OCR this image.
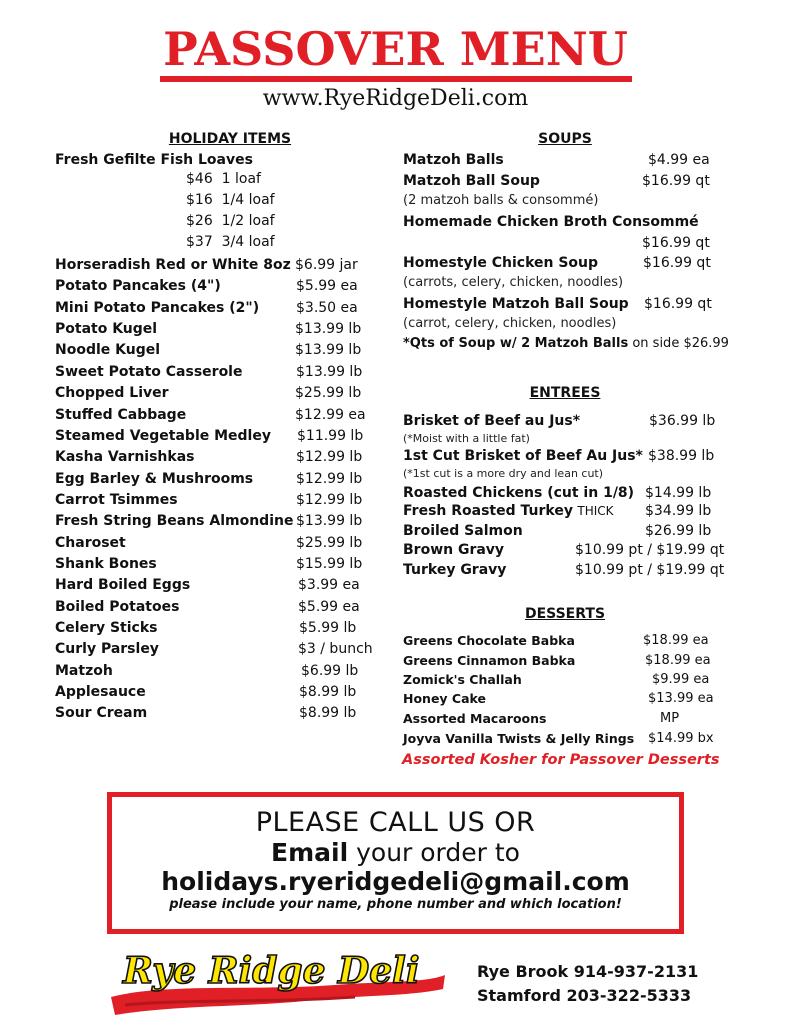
PASSOVER MENU
www.RyeRidgeDeli.com
HOLIDAY ITEMS
Fresh Gefilte Fish Loaves
$46 1 loaf
$16 1/4 loaf
$26 1/2 loaf
$37 3/4 loaf
Horseradish Red or White 8oz $6.99 jar
Potato Pancakes (4")	$5.99 ea
Mini Potato Pancakes (2")	$3.50 ea
Potato Kugel	$13.99 lb
Noodle Kugel	$13.99 lb
Sweet Potato Casserole	$13.99 lb
Chopped Liver	$25.99 lb
Stuffed Cabbage	$12.99 ea
Steamed Vegetable Medley $11.99 lb
Kasha Varnishkas	$12.99 lb
Egg Barley & Mushrooms	$12.99 lb
Carrot Tsimmes	$12.99 lb
Fresh String Beans Almondine $13.99 lb
Charoset	$25.99 lb
Shank Bones	$15.99 lb
Hard Boiled Eggs	$3.99 ea
Boiled Potatoes	$5.99 ea
Celery Sticks	$5.99 lb
Curly Parsley	$3 / bunch
Matzoh	$6.99 lb
Applesauce	$8.99 lb
Sour Cream	$8.99 lb
SOUPS
Matzoh Balls	$4.99 ea
Matzoh Ball Soup	$16.99 qt
(2 matzoh balls & consommé)
Homemade Chicken Broth Consommé
$16.99 qt
Homestyle Chicken Soup	$16.99 qt
(carrots, celery, chicken, noodles)
Homestyle Matzoh Ball Soup $16.99 qt
(carrot, celery, chicken, noodles)
*Qts of Soup w/ 2 Matzoh Balls on side $26.99
ENTREES
Brisket of Beef au Jus*	$36.99 lb
(*Moist with a little fat)
1st Cut Brisket of Beef Au Jus* $38.99 lb
(*1st cut is a more dry and lean cut)
Roasted Chickens (cut in 1/8) $14.99 lb
Fresh Roasted Turkey THICK $34.99 lb
Broiled Salmon	$26.99 lb
Brown Gravy	$10.99 pt / $19.99 qt
Turkey Gravy	$10.99 pt / $19.99 qt
DESSERTS
Greens Chocolate Babka	$18.99 ea
Greens Cinnamon Babka	$18.99 ea
Zomick's Challah	$9.99 ea
Honey Cake	$13.99 ea
Assorted Macaroons	MP
Joyva Vanilla Twists & Jelly Rings $14.99 bx
Assorted Kosher for Passover Desserts
PLEASE CALL US OR
Email your order to
holidays.ryeridgedeli@gmail.com
please include your name, phone number and which location!
Rye Ridge Deli	Rye Brook 914-937-2131
Stamford 203-322-5333
